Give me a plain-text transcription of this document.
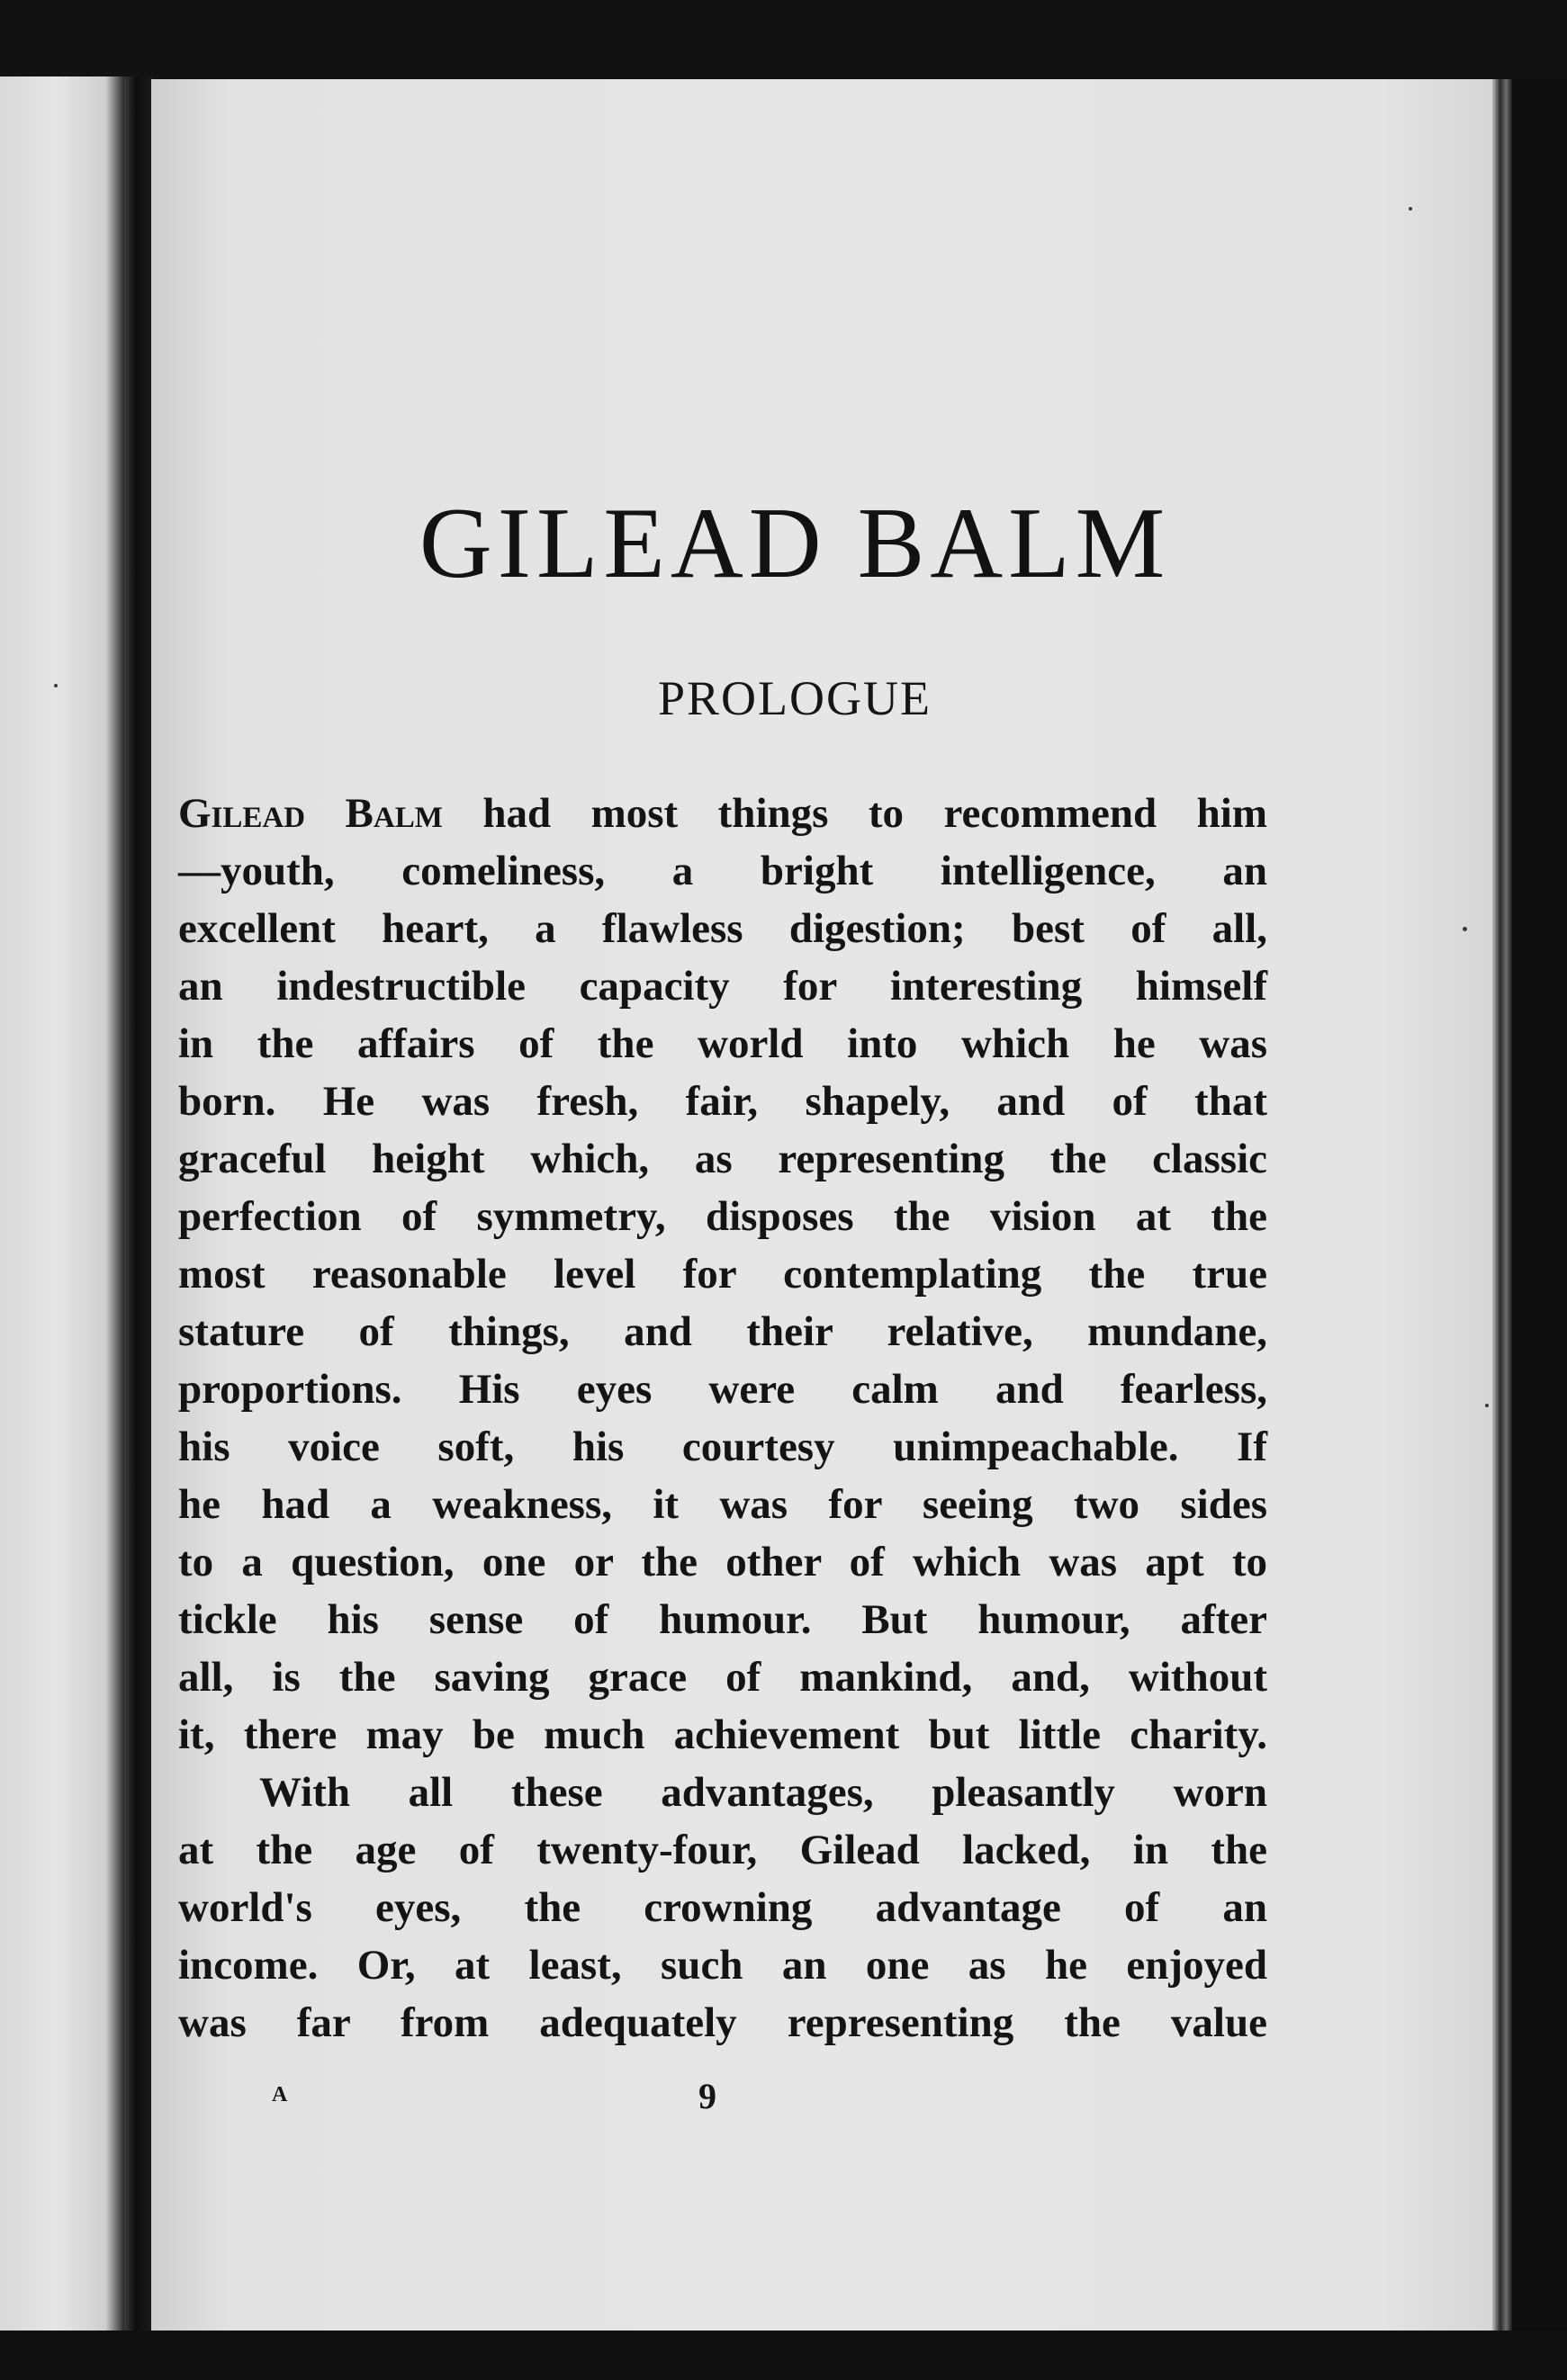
GILEAD BALM
PROLOGUE
Gilead Balm had most things to recommend him
—youth, comeliness, a bright intelligence, an
excellent heart, a flawless digestion; best of all,
an indestructible capacity for interesting himself
in the affairs of the world into which he was
born. He was fresh, fair, shapely, and of that
graceful height which, as representing the classic
perfection of symmetry, disposes the vision at the
most reasonable level for contemplating the true
stature of things, and their relative, mundane,
proportions. His eyes were calm and fearless,
his voice soft, his courtesy unimpeachable. If
he had a weakness, it was for seeing two sides
to a question, one or the other of which was apt to
tickle his sense of humour. But humour, after
all, is the saving grace of mankind, and, without
it, there may be much achievement but little charity.
With all these advantages, pleasantly worn
at the age of twenty-four, Gilead lacked, in the
world's eyes, the crowning advantage of an
income. Or, at least, such an one as he enjoyed
was far from adequately representing the value
A	9
